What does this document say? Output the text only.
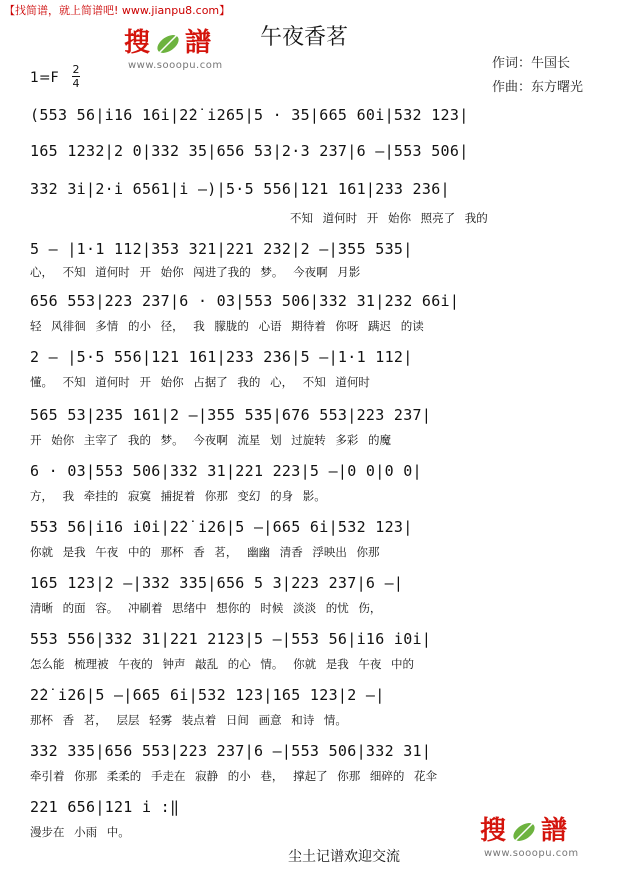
【找简谱，就上简谱吧! www.jianpu8.com】
搜 譜
www.sooopu.com
午夜香茗
作词：牛国长
作曲：东方曙光
1=F
2
4
(553 56|i16 16i|2̇2̇ i265|5 · 35|665 60i|532 123|
165 1232|2 0|332 35|656 53|2·3 237|6 –|553 506|
332 3i|2·i 6561|i –)|5·5 556|121 161|233 236|
不知 道何时 开 始你 照亮了 我的
5 – |1·1 112|353 321|221 232|2 –|355 535|
心， 不知 道何时 开 始你 闯进了我的 梦。 今夜啊 月影
656 553|223 237|6 · 03|553 506|332 31|232 66i|
轻 风徘徊 多情 的小 径， 我 朦胧的 心语 期待着 你呀 蹒迟 的读
2 – |5·5 556|121 161|233 236|5 –|1·1 112|
懂。 不知 道何时 开 始你 占据了 我的 心， 不知 道何时
565 53|235 161|2 –|355 535|676 553|223 237|
开 始你 主宰了 我的 梦。 今夜啊 流星 划 过旋转 多彩 的魔
6 · 03|553 506|332 31|221 223|5 –|0 0|0 0|
方， 我 牵挂的 寂寞 捕捉着 你那 变幻 的身 影。
553 56|i16 i0i|2̇2̇ i26|5 –|665 6i|532 123|
你就 是我 午夜 中的 那杯 香 茗， 幽幽 清香 浮映出 你那
165 123|2 –|332 335|656 5 3|223 237|6 –|
清晰 的面 容。 冲刷着 思绪中 想你的 时候 淡淡 的忧 伤，
553 556|332 31|221 2123|5 –|553 56|i16 i0i|
怎么能 梳理被 午夜的 钟声 敲乱 的心 情。 你就 是我 午夜 中的
2̇2̇ i26|5 –|665 6i|532 123|165 123|2 –|
那杯 香 茗， 层层 轻雾 装点着 日间 画意 和诗 情。
332 335|656 553|223 237|6 –|553 506|332 31|
牵引着 你那 柔柔的 手走在 寂静 的小 巷， 撑起了 你那 细碎的 花伞
221 656|121 i :‖
漫步在 小雨 中。	搜 譜
www.sooopu.com
尘土记谱欢迎交流
